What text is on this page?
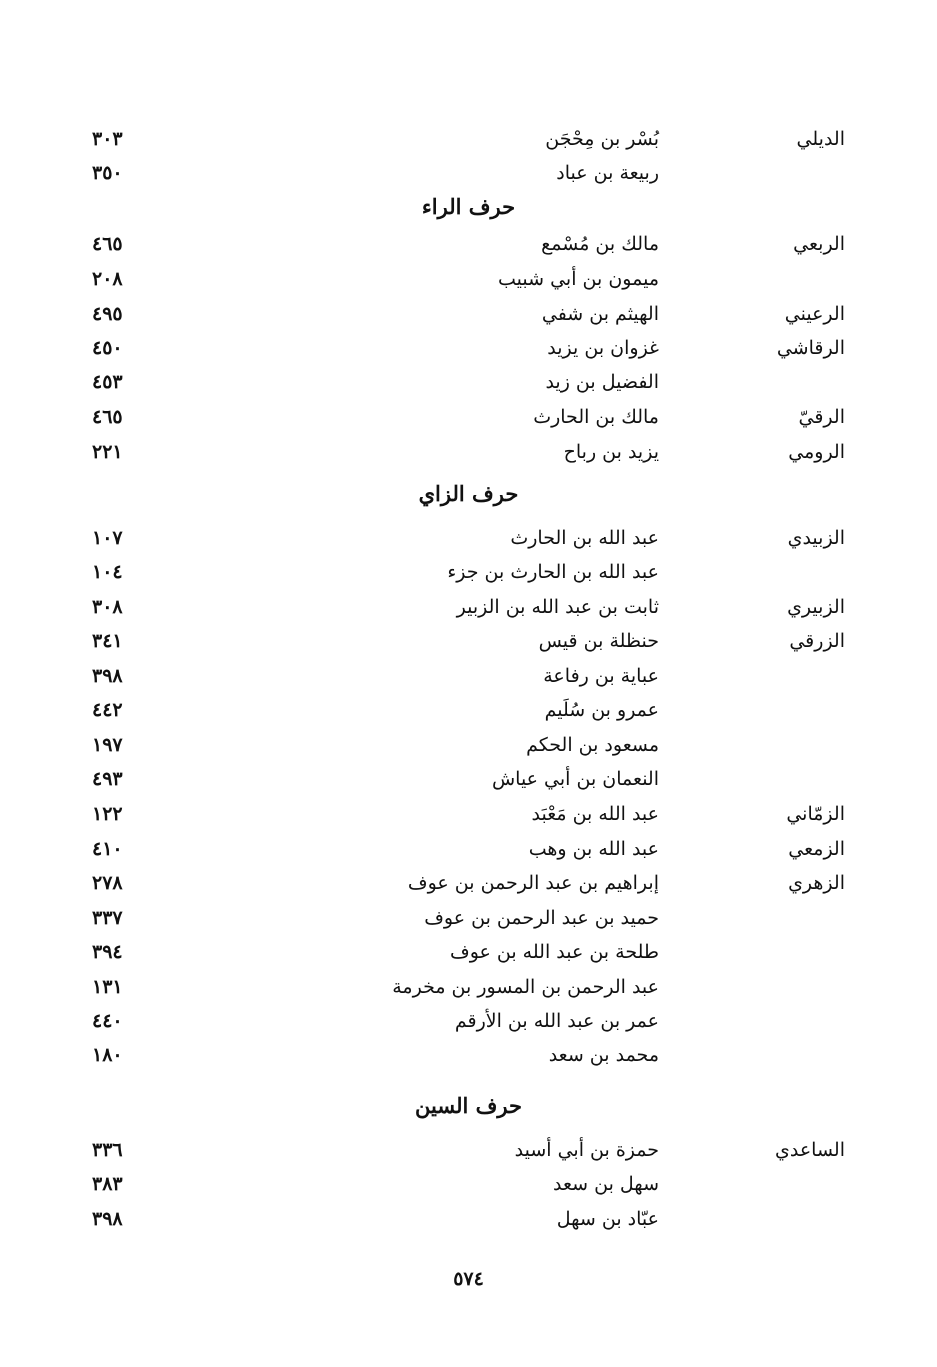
الديلي
بُسْر بن مِحْجَن
٣٠٣
ربيعة بن عباد
٣٥٠
حرف الراء
الربعي
مالك بن مُسْمع
٤٦٥
ميمون بن أبي شبيب
٢٠٨
الرعيني
الهيثم بن شفي
٤٩٥
الرقاشي
غزوان بن يزيد
٤٥٠
الفضيل بن زيد
٤٥٣
الرقيّ
مالك بن الحارث
٤٦٥
الرومي
يزيد بن رباح
٢٢١
حرف الزاي
الزبيدي
عبد الله بن الحارث
١٠٧
عبد الله بن الحارث بن جزء
١٠٤
الزبيري
ثابت بن عبد الله بن الزبير
٣٠٨
الزرقي
حنظلة بن قيس
٣٤١
عباية بن رفاعة
٣٩٨
عمرو بن سُلَيم
٤٤٢
مسعود بن الحكم
١٩٧
النعمان بن أبي عياش
٤٩٣
الزمّاني
عبد الله بن مَعْبَد
١٢٢
الزمعي
عبد الله بن وهب
٤١٠
الزهري
إبراهيم بن عبد الرحمن بن عوف
٢٧٨
حميد بن عبد الرحمن بن عوف
٣٣٧
طلحة بن عبد الله بن عوف
٣٩٤
عبد الرحمن بن المسور بن مخرمة
١٣١
عمر بن عبد الله بن الأرقم
٤٤٠
محمد بن سعد
١٨٠
حرف السين
الساعدي
حمزة بن أبي أسيد
٣٣٦
سهل بن سعد
٣٨٣
عبّاد بن سهل
٣٩٨
٥٧٤
